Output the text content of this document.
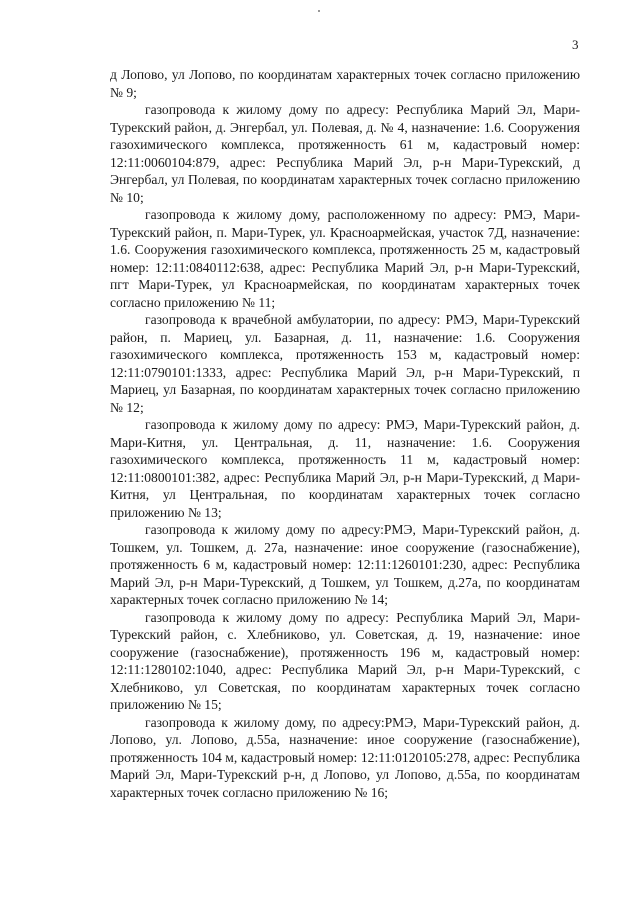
3

д Лопово, ул Лопово, по координатам характерных точек согласно приложению № 9;

газопровода к жилому дому по адресу: Республика Марий Эл, Мари-Турекский район, д. Энгербал, ул. Полевая, д. № 4, назначение: 1.6. Сооружения газохимического комплекса, протяженность 61 м, кадастровый номер: 12:11:0060104:879, адрес: Республика Марий Эл, р-н Мари-Турекский, д Энгербал, ул Полевая, по координатам характерных точек согласно приложению № 10;

газопровода к жилому дому, расположенному по адресу: РМЭ, Мари-Турекский район, п. Мари-Турек, ул. Красноармейская, участок 7Д, назначение: 1.6. Сооружения газохимического комплекса, протяженность 25 м, кадастровый номер: 12:11:0840112:638, адрес: Республика Марий Эл, р-н Мари-Турекский, пгт Мари-Турек, ул Красноармейская, по координатам характерных точек согласно приложению № 11;

газопровода к врачебной амбулатории, по адресу: РМЭ, Мари-Турекский район, п. Мариец, ул. Базарная, д. 11, назначение: 1.6. Сооружения газохимического комплекса, протяженность 153 м, кадастровый номер: 12:11:0790101:1333, адрес: Республика Марий Эл, р-н Мари-Турекский, п Мариец, ул Базарная, по координатам характерных точек согласно приложению № 12;

газопровода к жилому дому по адресу: РМЭ, Мари-Турекский район, д. Мари-Китня, ул. Центральная, д. 11, назначение: 1.6. Сооружения газохимического комплекса, протяженность 11 м, кадастровый номер: 12:11:0800101:382, адрес: Республика Марий Эл, р-н Мари-Турекский, д Мари-Китня, ул Центральная, по координатам характерных точек согласно приложению № 13;

газопровода к жилому дому по адресу:РМЭ, Мари-Турекский район, д. Тошкем, ул. Тошкем, д. 27а, назначение: иное сооружение (газоснабжение), протяженность 6 м, кадастровый номер: 12:11:1260101:230, адрес: Республика Марий Эл, р-н Мари-Турекский, д Тошкем, ул Тошкем, д.27а, по координатам характерных точек согласно приложению № 14;

газопровода к жилому дому по адресу: Республика Марий Эл, Мари-Турекский район, с. Хлебниково, ул. Советская, д. 19, назначение: иное сооружение (газоснабжение), протяженность 196 м, кадастровый номер: 12:11:1280102:1040, адрес: Республика Марий Эл, р-н Мари-Турекский, с Хлебниково, ул Советская, по координатам характерных точек согласно приложению № 15;

газопровода к жилому дому, по адресу:РМЭ, Мари-Турекский район, д. Лопово, ул. Лопово, д.55а, назначение: иное сооружение (газоснабжение), протяженность 104 м, кадастровый номер: 12:11:0120105:278, адрес: Республика Марий Эл, Мари-Турекский р-н, д Лопово, ул Лопово, д.55а, по координатам характерных точек согласно приложению № 16;
